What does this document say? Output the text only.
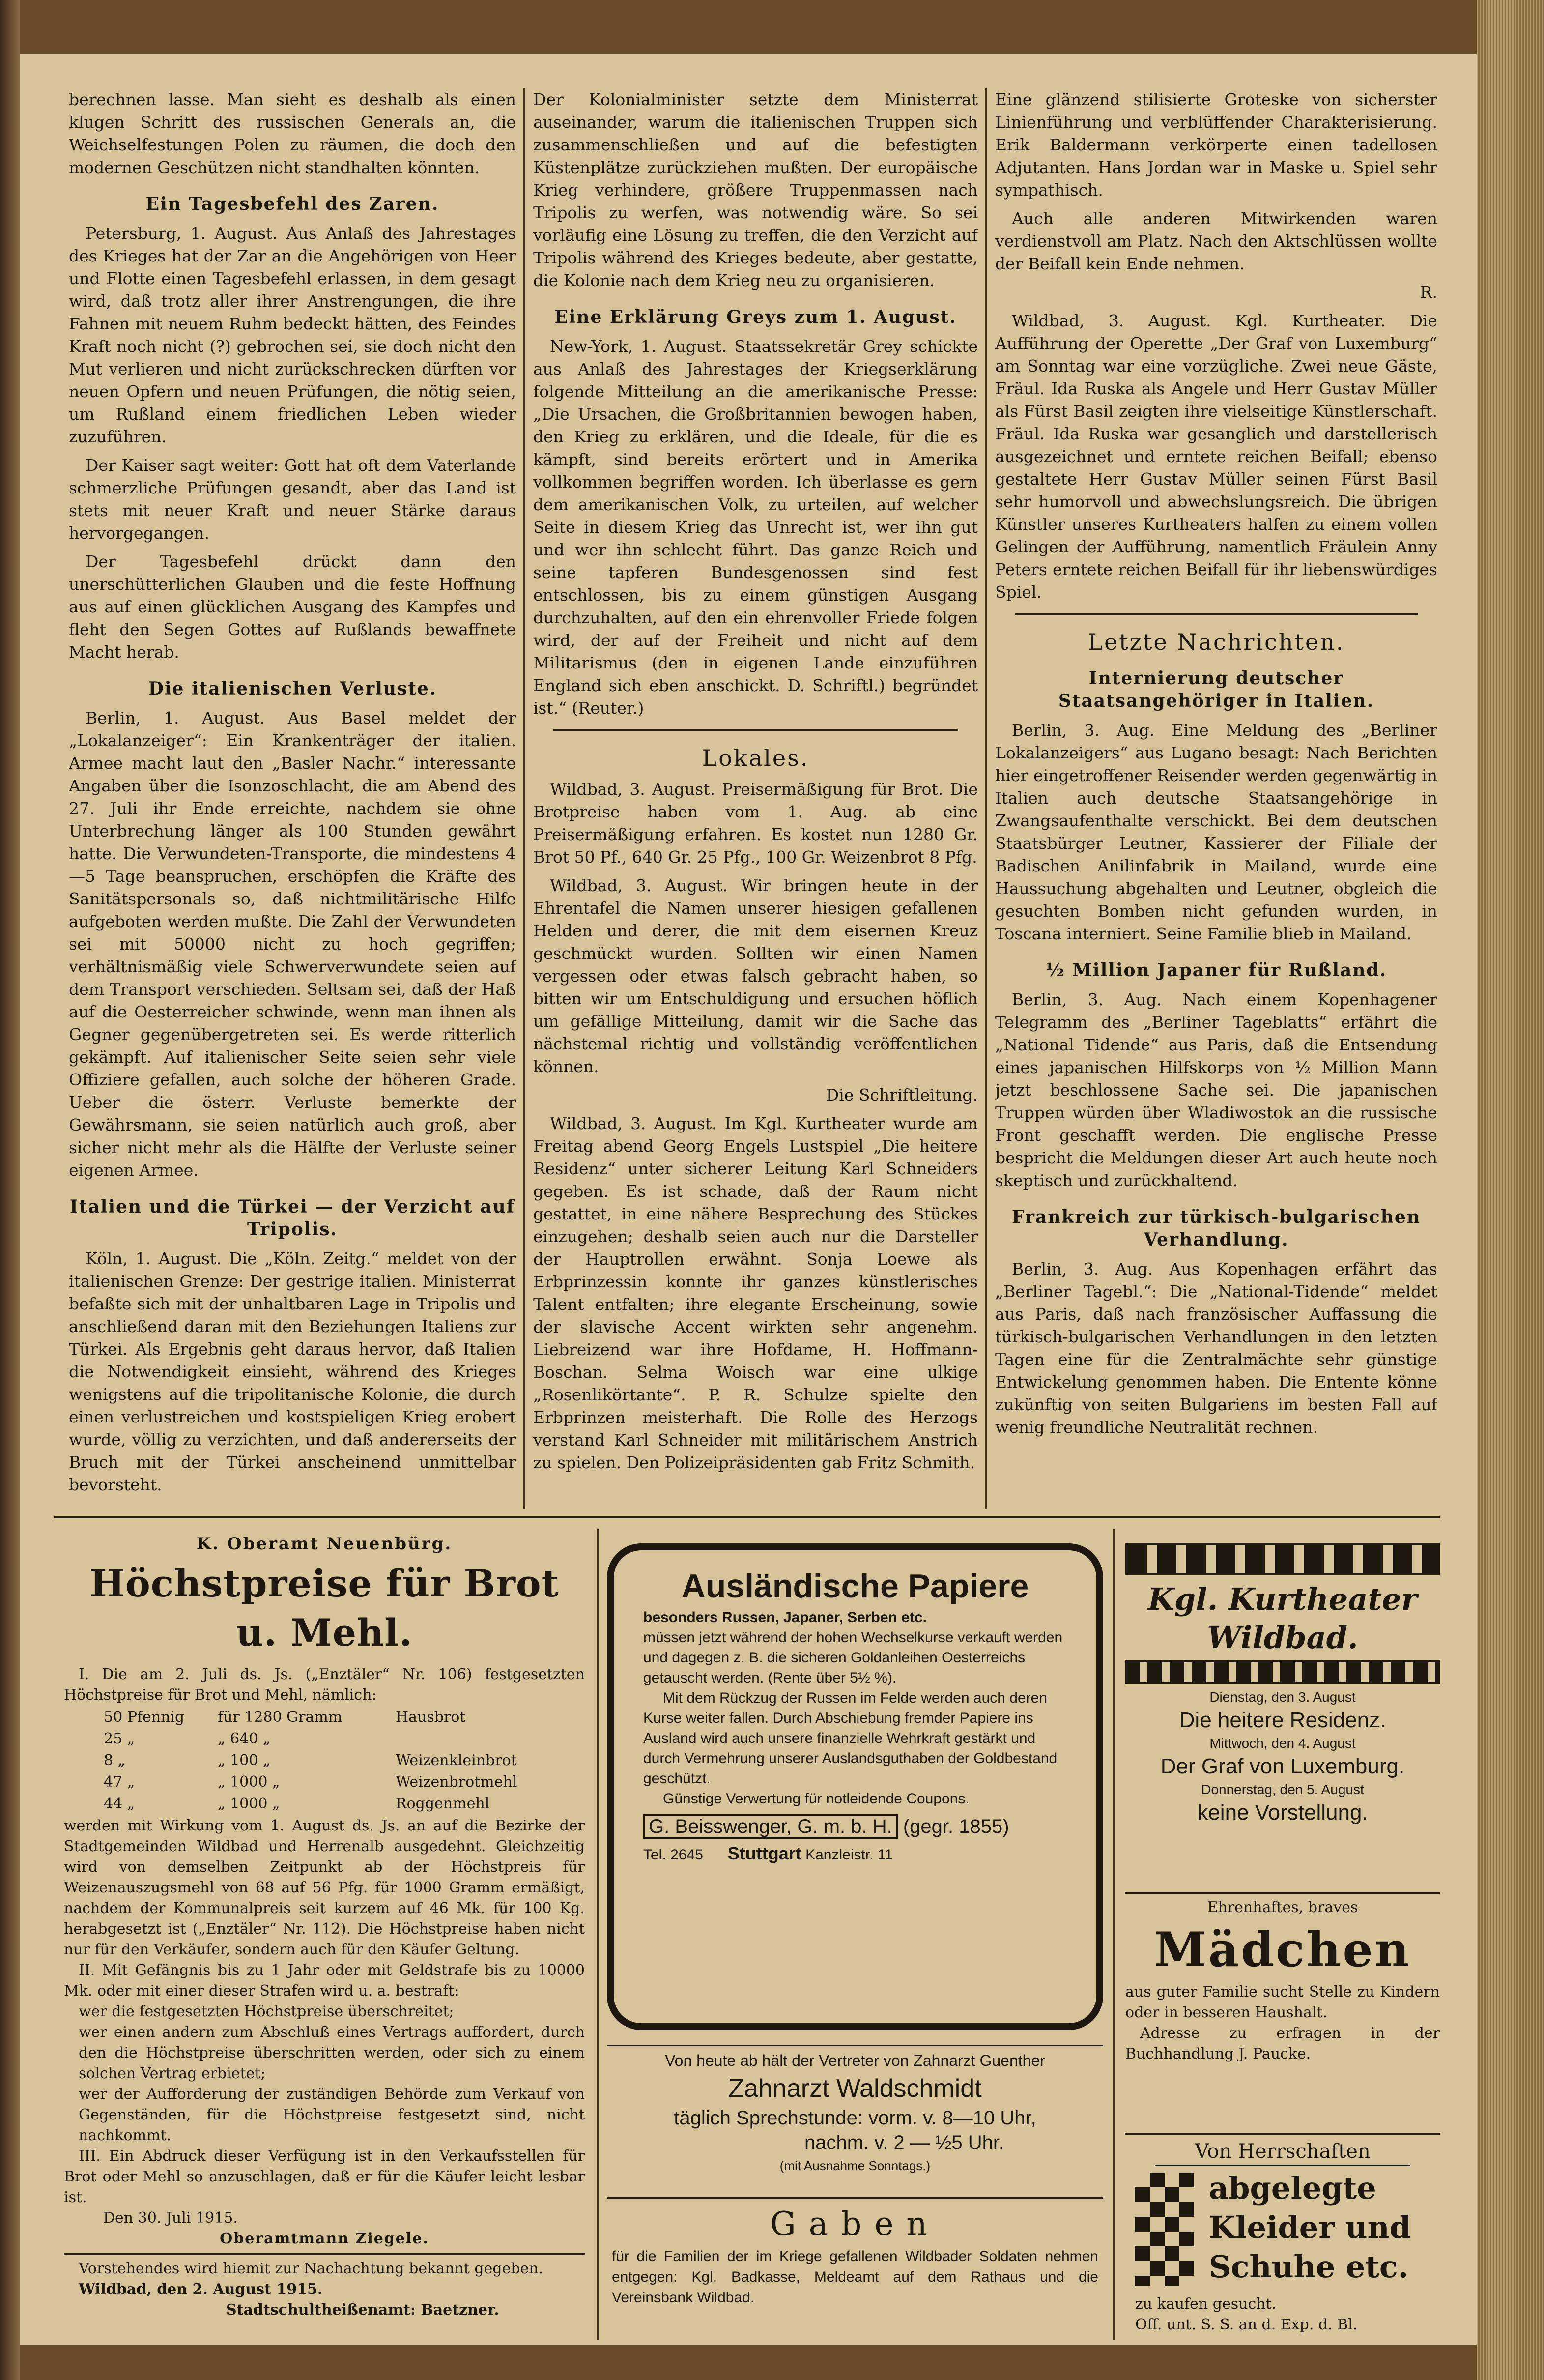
berechnen lasse. Man sieht es deshalb als einen klugen Schritt des russischen Generals an, die Weichselfestungen Polen zu räumen, die doch den modernen Geschützen nicht standhalten könnten.

Ein Tagesbefehl des Zaren.

Petersburg, 1. August. Aus Anlaß des Jahrestages des Krieges hat der Zar an die Angehörigen von Heer und Flotte einen Tagesbefehl erlassen, in dem gesagt wird, daß trotz aller ihrer Anstrengungen, die ihre Fahnen mit neuem Ruhm bedeckt hätten, des Feindes Kraft noch nicht (?) gebrochen sei, sie doch nicht den Mut verlieren und nicht zurückschrecken dürften vor neuen Opfern und neuen Prüfungen, die nötig seien, um Rußland einem friedlichen Leben wieder zuzuführen.

Der Kaiser sagt weiter: Gott hat oft dem Vaterlande schmerzliche Prüfungen gesandt, aber das Land ist stets mit neuer Kraft und neuer Stärke daraus hervorgegangen.

Der Tagesbefehl drückt dann den unerschütterlichen Glauben und die feste Hoffnung aus auf einen glücklichen Ausgang des Kampfes und fleht den Segen Gottes auf Rußlands bewaffnete Macht herab.

Die italienischen Verluste.

Berlin, 1. August. Aus Basel meldet der „Lokalanzeiger“: Ein Krankenträger der italien. Armee macht laut den „Basler Nachr.“ interessante Angaben über die Isonzoschlacht, die am Abend des 27. Juli ihr Ende erreichte, nachdem sie ohne Unterbrechung länger als 100 Stunden gewährt hatte. Die Verwundeten-Transporte, die mindestens 4—5 Tage beanspruchen, erschöpfen die Kräfte des Sanitätspersonals so, daß nichtmilitärische Hilfe aufgeboten werden mußte. Die Zahl der Verwundeten sei mit 50000 nicht zu hoch gegriffen; verhältnismäßig viele Schwerverwundete seien auf dem Transport verschieden. Seltsam sei, daß der Haß auf die Oesterreicher schwinde, wenn man ihnen als Gegner gegenübergetreten sei. Es werde ritterlich gekämpft. Auf italienischer Seite seien sehr viele Offiziere gefallen, auch solche der höheren Grade. Ueber die österr. Verluste bemerkte der Gewährsmann, sie seien natürlich auch groß, aber sicher nicht mehr als die Hälfte der Verluste seiner eigenen Armee.

Italien und die Türkei — der Verzicht auf Tripolis.

Köln, 1. August. Die „Köln. Zeitg.“ meldet von der italienischen Grenze: Der gestrige italien. Ministerrat befaßte sich mit der unhaltbaren Lage in Tripolis und anschließend daran mit den Beziehungen Italiens zur Türkei. Als Ergebnis geht daraus hervor, daß Italien die Notwendigkeit einsieht, während des Krieges wenigstens auf die tripolitanische Kolonie, die durch einen verlustreichen und kostspieligen Krieg erobert wurde, völlig zu verzichten, und daß andererseits der Bruch mit der Türkei anscheinend unmittelbar bevorsteht.

Der Kolonialminister setzte dem Ministerrat auseinander, warum die italienischen Truppen sich zusammenschließen und auf die befestigten Küstenplätze zurückziehen mußten. Der europäische Krieg verhindere, größere Truppenmassen nach Tripolis zu werfen, was notwendig wäre. So sei vorläufig eine Lösung zu treffen, die den Verzicht auf Tripolis während des Krieges bedeute, aber gestatte, die Kolonie nach dem Krieg neu zu organisieren.

Eine Erklärung Greys zum 1. August.

New-York, 1. August. Staatssekretär Grey schickte aus Anlaß des Jahrestages der Kriegserklärung folgende Mitteilung an die amerikanische Presse: „Die Ursachen, die Großbritannien bewogen haben, den Krieg zu erklären, und die Ideale, für die es kämpft, sind bereits erörtert und in Amerika vollkommen begriffen worden. Ich überlasse es gern dem amerikanischen Volk, zu urteilen, auf welcher Seite in diesem Krieg das Unrecht ist, wer ihn gut und wer ihn schlecht führt. Das ganze Reich und seine tapferen Bundesgenossen sind fest entschlossen, bis zu einem günstigen Ausgang durchzuhalten, auf den ein ehrenvoller Friede folgen wird, der auf der Freiheit und nicht auf dem Militarismus (den in eigenen Lande einzuführen England sich eben anschickt. D. Schriftl.) begründet ist.“ (Reuter.)

Lokales.

Wildbad, 3. August. Preisermäßigung für Brot. Die Brotpreise haben vom 1. Aug. ab eine Preisermäßigung erfahren. Es kostet nun 1280 Gr. Brot 50 Pf., 640 Gr. 25 Pfg., 100 Gr. Weizenbrot 8 Pfg.

Wildbad, 3. August. Wir bringen heute in der Ehrentafel die Namen unserer hiesigen gefallenen Helden und derer, die mit dem eisernen Kreuz geschmückt wurden. Sollten wir einen Namen vergessen oder etwas falsch gebracht haben, so bitten wir um Entschuldigung und ersuchen höflich um gefällige Mitteilung, damit wir die Sache das nächstemal richtig und vollständig veröffentlichen können.

Die Schriftleitung.

Wildbad, 3. August. Im Kgl. Kurtheater wurde am Freitag abend Georg Engels Lustspiel „Die heitere Residenz“ unter sicherer Leitung Karl Schneiders gegeben. Es ist schade, daß der Raum nicht gestattet, in eine nähere Besprechung des Stückes einzugehen; deshalb seien auch nur die Darsteller der Hauptrollen erwähnt. Sonja Loewe als Erbprinzessin konnte ihr ganzes künstlerisches Talent entfalten; ihre elegante Erscheinung, sowie der slavische Accent wirkten sehr angenehm. Liebreizend war ihre Hofdame, H. Hoffmann-Boschan. Selma Woisch war eine ulkige „Rosenlikörtante“. P. R. Schulze spielte den Erbprinzen meisterhaft. Die Rolle des Herzogs verstand Karl Schneider mit militärischem Anstrich zu spielen. Den Polizeipräsidenten gab Fritz Schmith.

Eine glänzend stilisierte Groteske von sicherster Linienführung und verblüffender Charakterisierung. Erik Baldermann verkörperte einen tadellosen Adjutanten. Hans Jordan war in Maske u. Spiel sehr sympathisch.

Auch alle anderen Mitwirkenden waren verdienstvoll am Platz. Nach den Aktschlüssen wollte der Beifall kein Ende nehmen.

R.

Wildbad, 3. August. Kgl. Kurtheater. Die Aufführung der Operette „Der Graf von Luxemburg“ am Sonntag war eine vorzügliche. Zwei neue Gäste, Fräul. Ida Ruska als Angele und Herr Gustav Müller als Fürst Basil zeigten ihre vielseitige Künstlerschaft. Fräul. Ida Ruska war gesanglich und darstellerisch ausgezeichnet und erntete reichen Beifall; ebenso gestaltete Herr Gustav Müller seinen Fürst Basil sehr humorvoll und abwechslungsreich. Die übrigen Künstler unseres Kurtheaters halfen zu einem vollen Gelingen der Aufführung, namentlich Fräulein Anny Peters erntete reichen Beifall für ihr liebenswürdiges Spiel.

Letzte Nachrichten.
Internierung deutscher Staatsangehöriger in Italien.

Berlin, 3. Aug. Eine Meldung des „Berliner Lokalanzeigers“ aus Lugano besagt: Nach Berichten hier eingetroffener Reisender werden gegenwärtig in Italien auch deutsche Staatsangehörige in Zwangsaufenthalte verschickt. Bei dem deutschen Staatsbürger Leutner, Kassierer der Filiale der Badischen Anilinfabrik in Mailand, wurde eine Haussuchung abgehalten und Leutner, obgleich die gesuchten Bomben nicht gefunden wurden, in Toscana interniert. Seine Familie blieb in Mailand.

½ Million Japaner für Rußland.

Berlin, 3. Aug. Nach einem Kopenhagener Telegramm des „Berliner Tageblatts“ erfährt die „National Tidende“ aus Paris, daß die Entsendung eines japanischen Hilfskorps von ½ Million Mann jetzt beschlossene Sache sei. Die japanischen Truppen würden über Wladiwostok an die russische Front geschafft werden. Die englische Presse bespricht die Meldungen dieser Art auch heute noch skeptisch und zurückhaltend.

Frankreich zur türkisch-bulgarischen Verhandlung.

Berlin, 3. Aug. Aus Kopenhagen erfährt das „Berliner Tagebl.“: Die „National-Tidende“ meldet aus Paris, daß nach französischer Auffassung die türkisch-bulgarischen Verhandlungen in den letzten Tagen eine für die Zentralmächte sehr günstige Entwickelung genommen haben. Die Entente könne zukünftig von seiten Bulgariens im besten Fall auf wenig freundliche Neutralität rechnen.

K. Oberamt Neuenbürg.
Höchstpreise für Brot u. Mehl.
I. Die am 2. Juli ds. Js. („Enztäler“ Nr. 106) festgesetzten Höchstpreise für Brot und Mehl, nämlich:
50 Pfennig	für 1280 Gramm	Hausbrot
25 „	„ 640 „	
8 „	„ 100 „	Weizenkleinbrot
47 „	„ 1000 „	Weizenbrotmehl
44 „	„ 1000 „	Roggenmehl
werden mit Wirkung vom 1. August ds. Js. an auf die Bezirke der Stadtgemeinden Wildbad und Herrenalb ausgedehnt. Gleichzeitig wird von demselben Zeitpunkt ab der Höchstpreis für Weizenauszugsmehl von 68 auf 56 Pfg. für 1000 Gramm ermäßigt, nachdem der Kommunalpreis seit kurzem auf 46 Mk. für 100 Kg. herabgesetzt ist („Enztäler“ Nr. 112). Die Höchstpreise haben nicht nur für den Verkäufer, sondern auch für den Käufer Geltung.
II. Mit Gefängnis bis zu 1 Jahr oder mit Geldstrafe bis zu 10000 Mk. oder mit einer dieser Strafen wird u. a. bestraft:
wer die festgesetzten Höchstpreise überschreitet;
wer einen andern zum Abschluß eines Vertrags auffordert, durch den die Höchstpreise überschritten werden, oder sich zu einem solchen Vertrag erbietet;
wer der Aufforderung der zuständigen Behörde zum Verkauf von Gegenständen, für die Höchstpreise festgesetzt sind, nicht nachkommt.
III. Ein Abdruck dieser Verfügung ist in den Verkaufsstellen für Brot oder Mehl so anzuschlagen, daß er für die Käufer leicht lesbar ist.
Den 30. Juli 1915.
Oberamtmann Ziegele.
Vorstehendes wird hiemit zur Nachachtung bekannt gegeben.
Wildbad, den 2. August 1915.
Stadtschultheißenamt: Baetzner.
Ausländische Papiere
besonders Russen, Japaner, Serben etc.
müssen jetzt während der hohen Wechselkurse verkauft werden und dagegen z. B. die sicheren Goldanleihen Oesterreichs getauscht werden. (Rente über 5½ %).
Mit dem Rückzug der Russen im Felde werden auch deren Kurse weiter fallen. Durch Abschiebung fremder Papiere ins Ausland wird auch unsere finanzielle Wehrkraft gestärkt und durch Vermehrung unserer Auslandsguthaben der Goldbestand geschützt.
Günstige Verwertung für notleidende Coupons.
G. Beisswenger, G. m. b. H. (gegr. 1855)
Tel. 2645 Stuttgart Kanzleistr. 11
Von heute ab hält der Vertreter von Zahnarzt Guenther
Zahnarzt Waldschmidt
täglich Sprechstunde: vorm. v. 8—10 Uhr,
nachm. v. 2 — ½5 Uhr.
(mit Ausnahme Sonntags.)
Gaben
für die Familien der im Kriege gefallenen Wildbader Soldaten nehmen entgegen: Kgl. Badkasse, Meldeamt auf dem Rathaus und die Vereinsbank Wildbad.
Kgl. Kurtheater
Wildbad.
Dienstag, den 3. August
Die heitere Residenz.
Mittwoch, den 4. August
Der Graf von Luxemburg.
Donnerstag, den 5. August
keine Vorstellung.
Ehrenhaftes, braves
Mädchen
aus guter Familie sucht Stelle zu Kindern oder in besseren Haushalt.
Adresse zu erfragen in der Buchhandlung J. Paucke.
Von Herrschaften
abgelegte
Kleider und
Schuhe etc.
zu kaufen gesucht.
Off. unt. S. S. an d. Exp. d. Bl.
